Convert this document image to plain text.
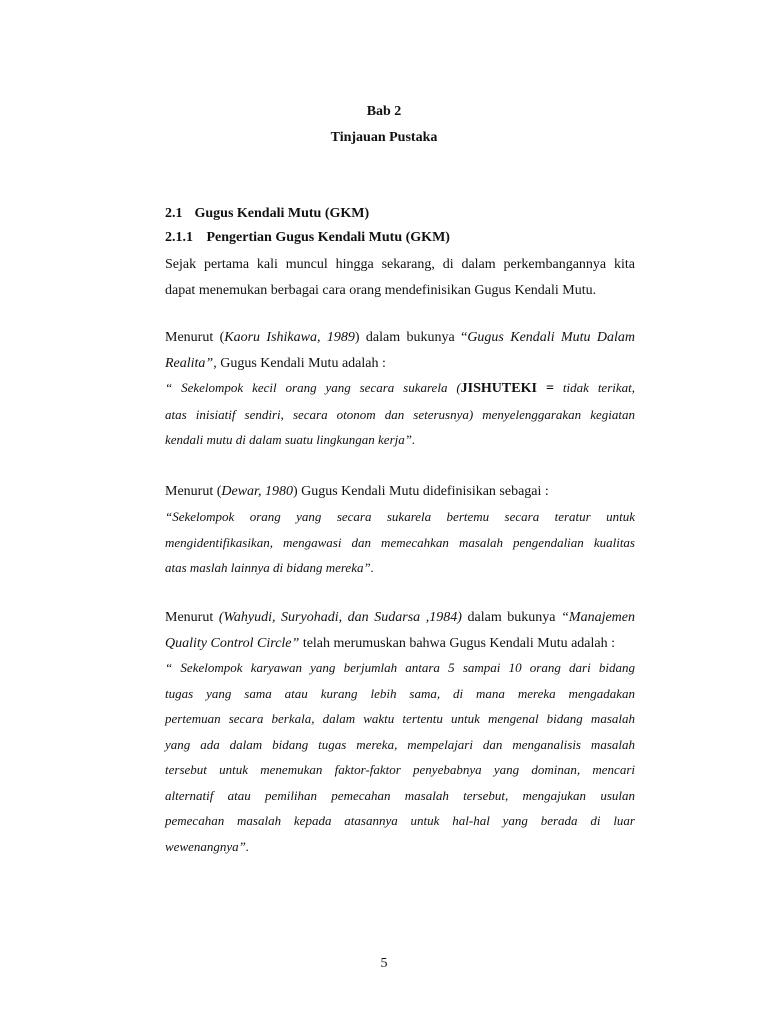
Bab 2
Tinjauan Pustaka
2.1 Gugus Kendali Mutu (GKM)
2.1.1 Pengertian Gugus Kendali Mutu (GKM)
Sejak pertama kali muncul hingga sekarang, di dalam perkembangannya kita
dapat menemukan berbagai cara orang mendefinisikan Gugus Kendali Mutu.
Menurut (Kaoru Ishikawa, 1989) dalam bukunya “Gugus Kendali Mutu Dalam
Realita”, Gugus Kendali Mutu adalah :
“ Sekelompok kecil orang yang secara sukarela (JISHUTEKI = tidak terikat,
atas inisiatif sendiri, secara otonom dan seterusnya) menyelenggarakan kegiatan
kendali mutu di dalam suatu lingkungan kerja”.
Menurut (Dewar, 1980) Gugus Kendali Mutu didefinisikan sebagai :
“Sekelompok orang yang secara sukarela bertemu secara teratur untuk
mengidentifikasikan, mengawasi dan memecahkan masalah pengendalian kualitas
atas maslah lainnya di bidang mereka”.
Menurut (Wahyudi, Suryohadi, dan Sudarsa ,1984) dalam bukunya “Manajemen
Quality Control Circle” telah merumuskan bahwa Gugus Kendali Mutu adalah :
“ Sekelompok karyawan yang berjumlah antara 5 sampai 10 orang dari bidang
tugas yang sama atau kurang lebih sama, di mana mereka mengadakan
pertemuan secara berkala, dalam waktu tertentu untuk mengenal bidang masalah
yang ada dalam bidang tugas mereka, mempelajari dan menganalisis masalah
tersebut untuk menemukan faktor-faktor penyebabnya yang dominan, mencari
alternatif atau pemilihan pemecahan masalah tersebut, mengajukan usulan
pemecahan masalah kepada atasannya untuk hal-hal yang berada di luar
wewenangnya”.
5
